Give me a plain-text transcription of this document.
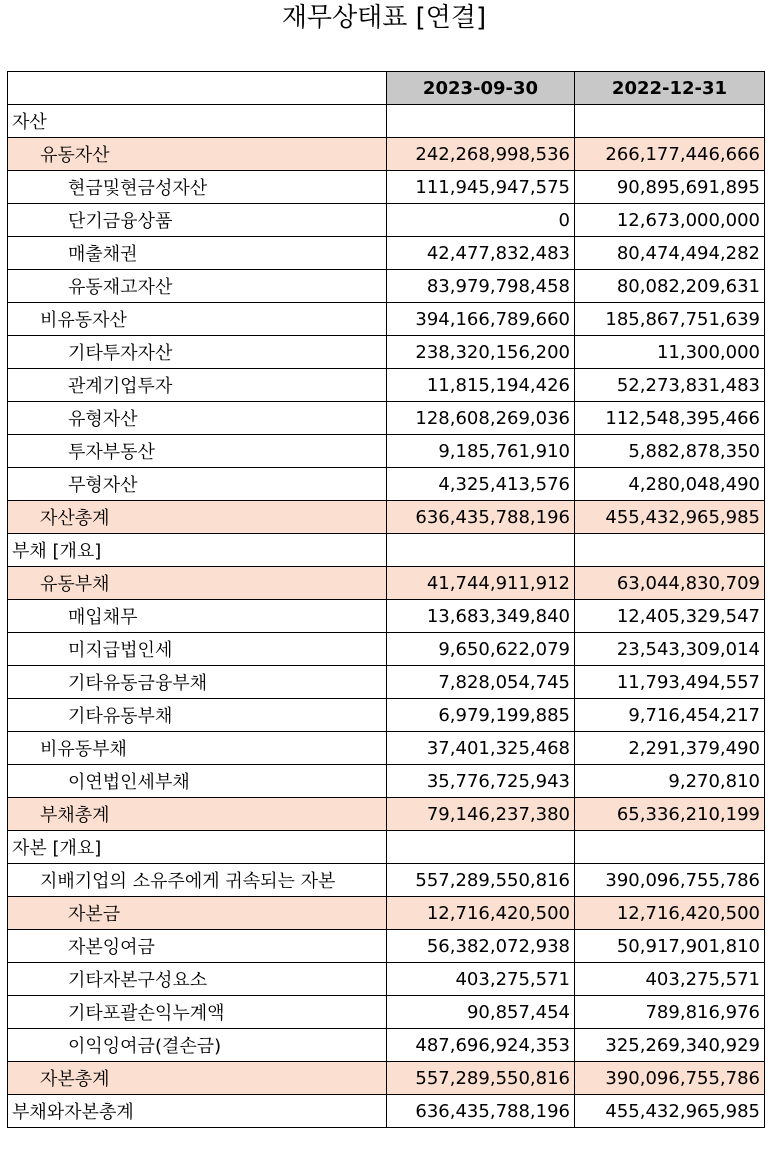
재무상태표 [연결]
	2023-09-30	2022-12-31
자산		
유동자산	242,268,998,536	266,177,446,666
현금및현금성자산	111,945,947,575	90,895,691,895
단기금융상품	0	12,673,000,000
매출채권	42,477,832,483	80,474,494,282
유동재고자산	83,979,798,458	80,082,209,631
비유동자산	394,166,789,660	185,867,751,639
기타투자자산	238,320,156,200	11,300,000
관계기업투자	11,815,194,426	52,273,831,483
유형자산	128,608,269,036	112,548,395,466
투자부동산	9,185,761,910	5,882,878,350
무형자산	4,325,413,576	4,280,048,490
자산총계	636,435,788,196	455,432,965,985
부채 [개요]		
유동부채	41,744,911,912	63,044,830,709
매입채무	13,683,349,840	12,405,329,547
미지급법인세	9,650,622,079	23,543,309,014
기타유동금융부채	7,828,054,745	11,793,494,557
기타유동부채	6,979,199,885	9,716,454,217
비유동부채	37,401,325,468	2,291,379,490
이연법인세부채	35,776,725,943	9,270,810
부채총계	79,146,237,380	65,336,210,199
자본 [개요]		
지배기업의 소유주에게 귀속되는 자본	557,289,550,816	390,096,755,786
자본금	12,716,420,500	12,716,420,500
자본잉여금	56,382,072,938	50,917,901,810
기타자본구성요소	403,275,571	403,275,571
기타포괄손익누계액	90,857,454	789,816,976
이익잉여금(결손금)	487,696,924,353	325,269,340,929
자본총계	557,289,550,816	390,096,755,786
부채와자본총계	636,435,788,196	455,432,965,985
